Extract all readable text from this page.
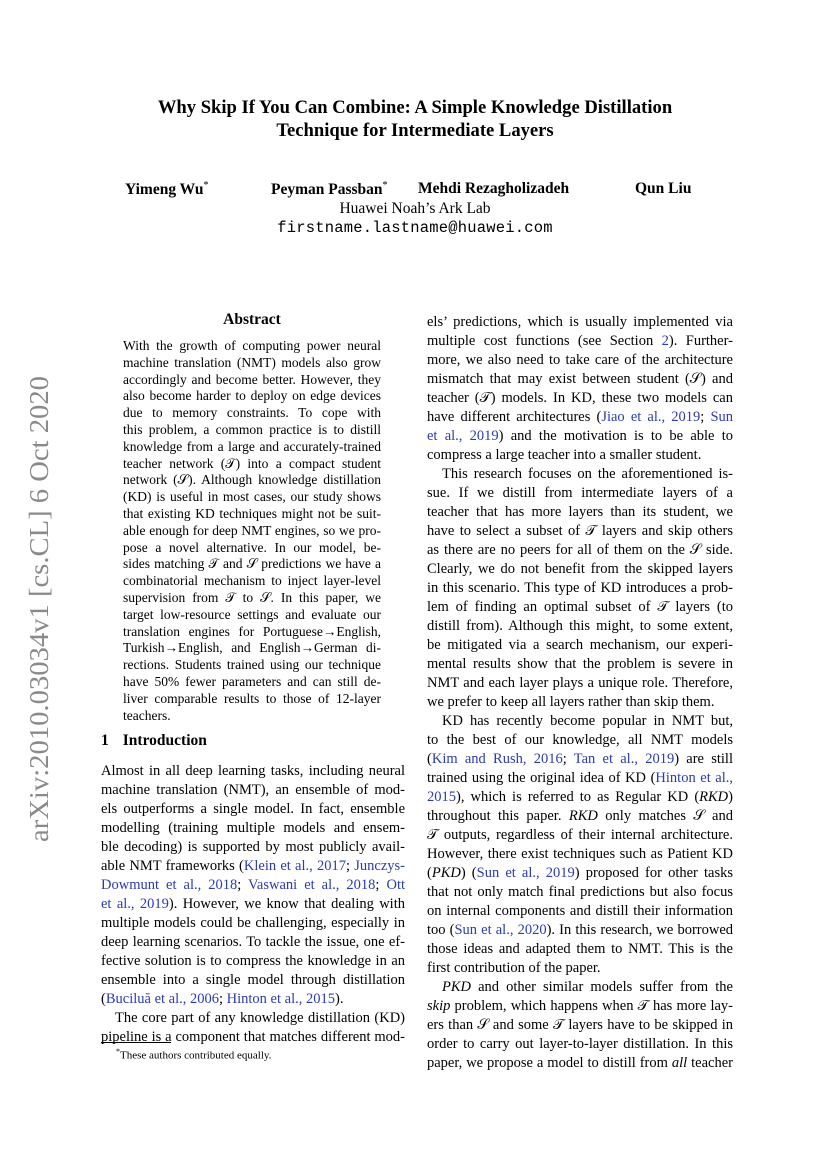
arXiv:2010.03034v1 [cs.CL] 6 Oct 2020
Why Skip If You Can Combine: A Simple Knowledge Distillation
Technique for Intermediate Layers
Yimeng Wu*	Peyman Passban* Mehdi Rezagholizadeh	Qun Liu
Huawei Noah’s Ark Lab
firstname.lastname@huawei.com
Abstract
With the growth of computing power neural
machine translation (NMT) models also grow
accordingly and become better. However, they
also become harder to deploy on edge devices
due to memory constraints. To cope with
this problem, a common practice is to distill
knowledge from a large and accurately-trained
teacher network (𝒯) into a compact student
network (𝒮). Although knowledge distillation
(KD) is useful in most cases, our study shows
that existing KD techniques might not be suit-
able enough for deep NMT engines, so we pro-
pose a novel alternative. In our model, be-
sides matching 𝒯 and 𝒮 predictions we have a
combinatorial mechanism to inject layer-level
supervision from 𝒯 to 𝒮. In this paper, we
target low-resource settings and evaluate our
translation engines for Portuguese→English,
Turkish→English, and English→German di-
rections. Students trained using our technique
have 50% fewer parameters and can still de-
liver comparable results to those of 12-layer
teachers.
1 Introduction
Almost in all deep learning tasks, including neural
machine translation (NMT), an ensemble of mod-
els outperforms a single model. In fact, ensemble
modelling (training multiple models and ensem-
ble decoding) is supported by most publicly avail-
able NMT frameworks (Klein et al., 2017; Junczys-
Dowmunt et al., 2018; Vaswani et al., 2018; Ott
et al., 2019). However, we know that dealing with
multiple models could be challenging, especially in
deep learning scenarios. To tackle the issue, one ef-
fective solution is to compress the knowledge in an
ensemble into a single model through distillation
(Buciluă et al., 2006; Hinton et al., 2015).
The core part of any knowledge distillation (KD)
pipeline is a component that matches different mod-
*These authors contributed equally.
els’ predictions, which is usually implemented via
multiple cost functions (see Section 2). Further-
more, we also need to take care of the architecture
mismatch that may exist between student (𝒮) and
teacher (𝒯) models. In KD, these two models can
have different architectures (Jiao et al., 2019; Sun
et al., 2019) and the motivation is to be able to
compress a large teacher into a smaller student.
This research focuses on the aforementioned is-
sue. If we distill from intermediate layers of a
teacher that has more layers than its student, we
have to select a subset of 𝒯 layers and skip others
as there are no peers for all of them on the 𝒮 side.
Clearly, we do not benefit from the skipped layers
in this scenario. This type of KD introduces a prob-
lem of finding an optimal subset of 𝒯 layers (to
distill from). Although this might, to some extent,
be mitigated via a search mechanism, our experi-
mental results show that the problem is severe in
NMT and each layer plays a unique role. Therefore,
we prefer to keep all layers rather than skip them.
KD has recently become popular in NMT but,
to the best of our knowledge, all NMT models
(Kim and Rush, 2016; Tan et al., 2019) are still
trained using the original idea of KD (Hinton et al.,
2015), which is referred to as Regular KD (RKD)
throughout this paper. RKD only matches 𝒮 and
𝒯 outputs, regardless of their internal architecture.
However, there exist techniques such as Patient KD
(PKD) (Sun et al., 2019) proposed for other tasks
that not only match final predictions but also focus
on internal components and distill their information
too (Sun et al., 2020). In this research, we borrowed
those ideas and adapted them to NMT. This is the
first contribution of the paper.
PKD and other similar models suffer from the
skip problem, which happens when 𝒯 has more lay-
ers than 𝒮 and some 𝒯 layers have to be skipped in
order to carry out layer-to-layer distillation. In this
paper, we propose a model to distill from all teacher
